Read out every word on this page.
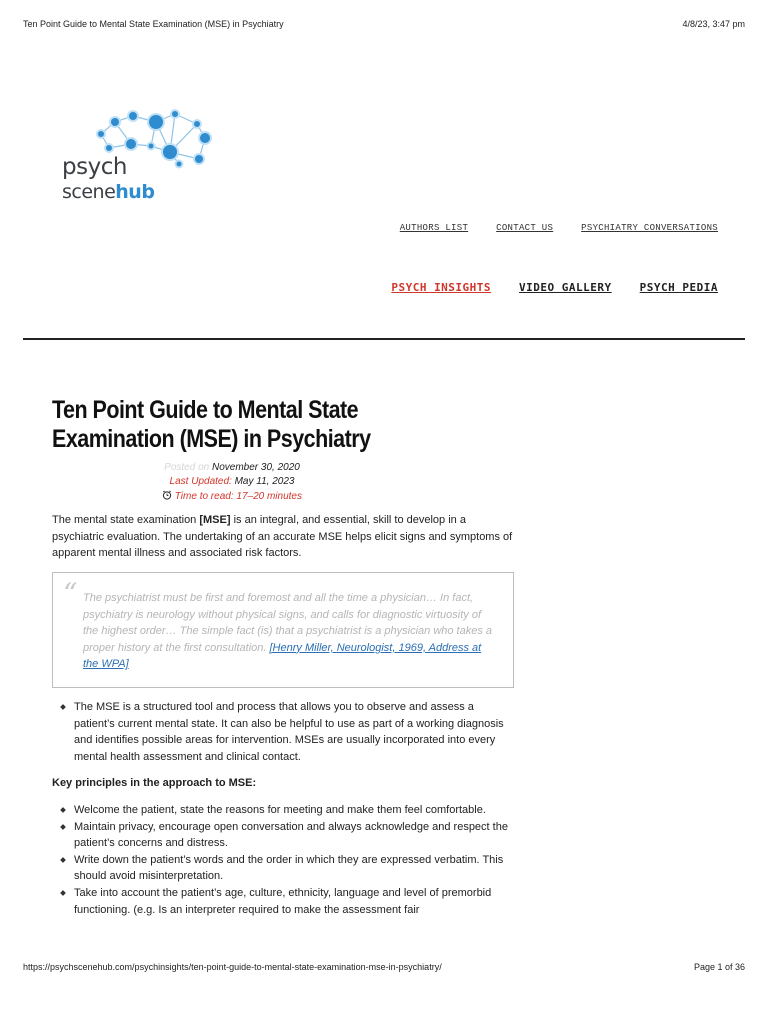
Ten Point Guide to Mental State Examination (MSE) in Psychiatry	4/8/23, 3:47 pm
psych
scenehub
AUTHORS LIST	CONTACT US	PSYCHIATRY CONVERSATIONS
PSYCH INSIGHTS	VIDEO GALLERY	PSYCH PEDIA
Ten Point Guide to Mental State Examination (MSE) in Psychiatry
Posted on November 30, 2020
Last Updated: May 11, 2023
Time to read: 17–20 minutes

The mental state examination [MSE] is an integral, and essential, skill to develop in a psychiatric evaluation. The undertaking of an accurate MSE helps elicit signs and symptoms of apparent mental illness and associated risk factors.

“ The psychiatrist must be first and foremost and all the time a physician… In fact, psychiatry is neurology without physical signs, and calls for diagnostic virtuosity of the highest order… The simple fact (is) that a psychiatrist is a physician who takes a proper history at the first consultation. [Henry Miller, Neurologist, 1969, Address at the WPA]

The MSE is a structured tool and process that allows you to observe and assess a patient’s current mental state. It can also be helpful to use as part of a working diagnosis and identifies possible areas for intervention. MSEs are usually incorporated into every mental health assessment and clinical contact.

Key principles in the approach to MSE:

Welcome the patient, state the reasons for meeting and make them feel comfortable.
Maintain privacy, encourage open conversation and always acknowledge and respect the patient’s concerns and distress.
Write down the patient’s words and the order in which they are expressed verbatim. This should avoid misinterpretation.
Take into account the patient’s age, culture, ethnicity, language and level of premorbid functioning. (e.g. Is an interpreter required to make the assessment fair
https://psychscenehub.com/psychinsights/ten-point-guide-to-mental-state-examination-mse-in-psychiatry/	Page 1 of 36
